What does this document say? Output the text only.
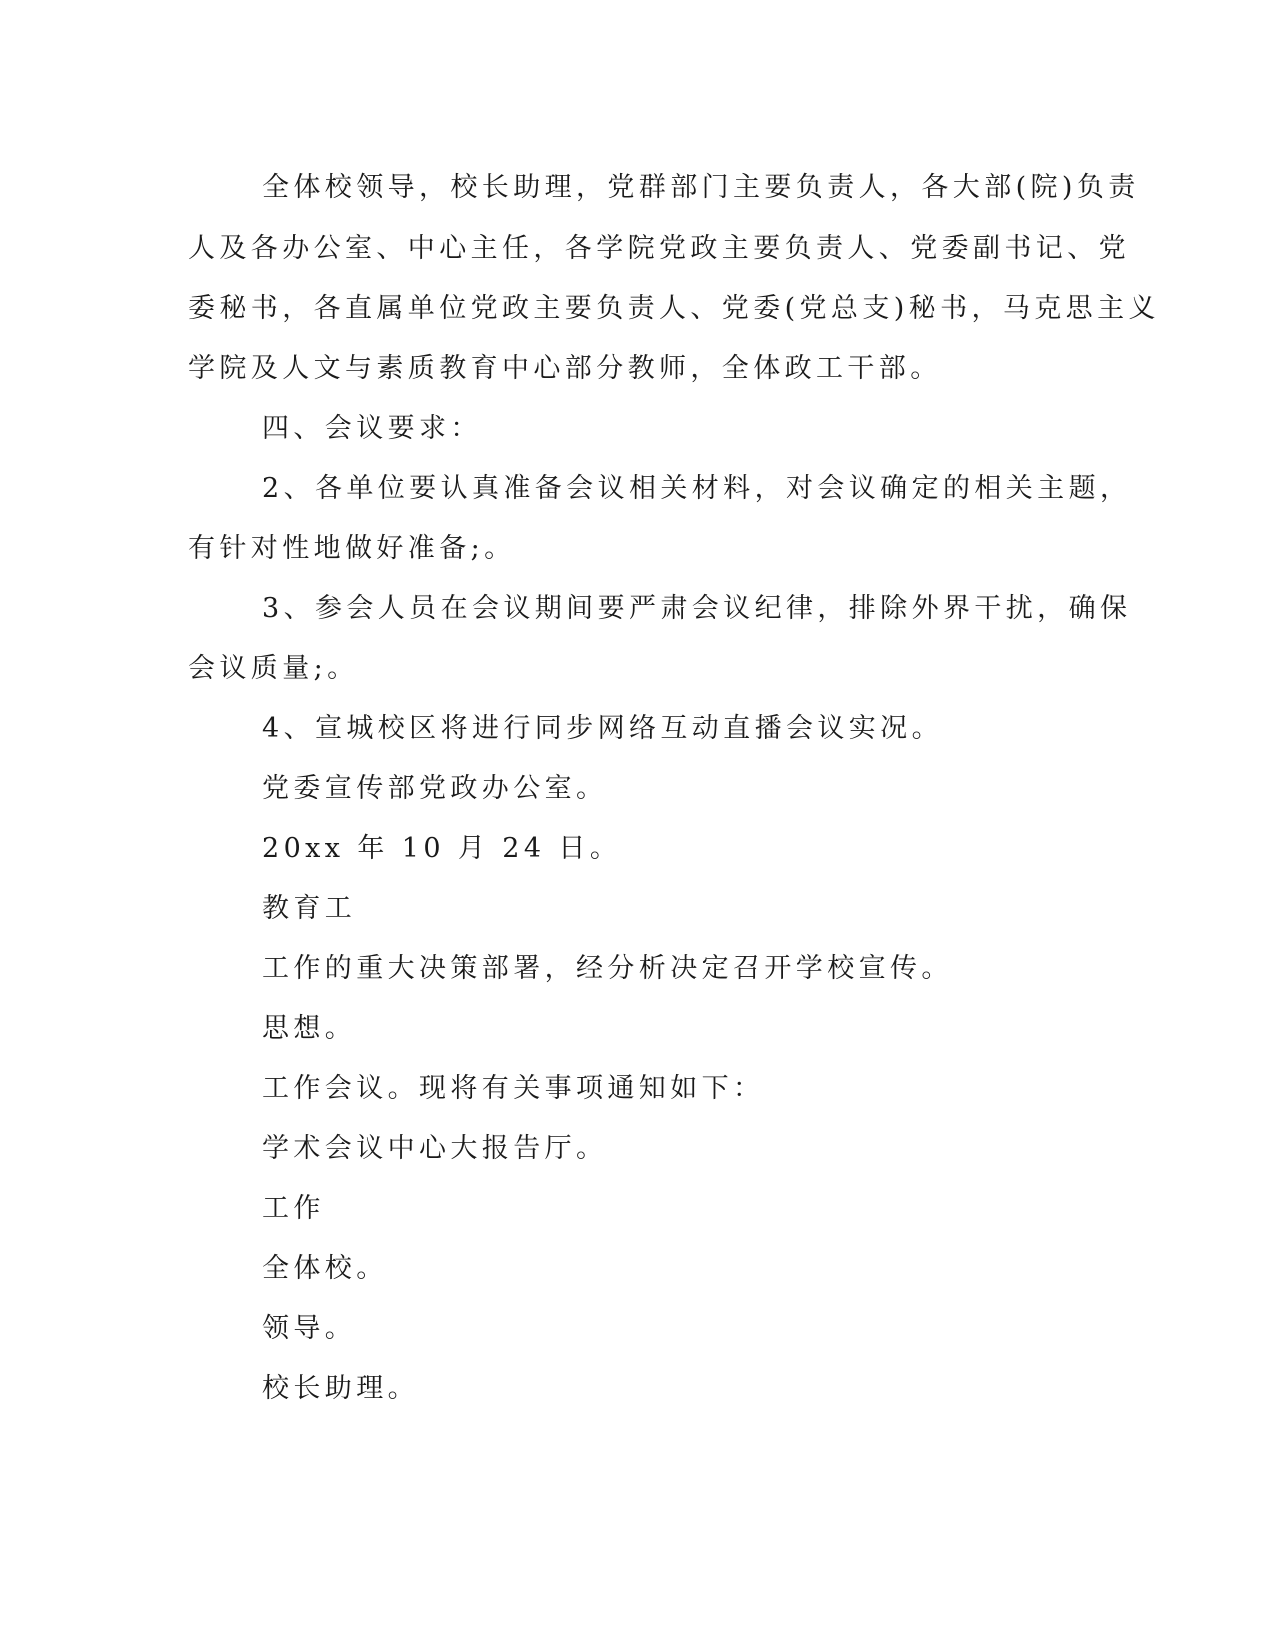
全体校领导，校长助理，党群部门主要负责人，各大部(院)负责
人及各办公室、中心主任，各学院党政主要负责人、党委副书记、党
委秘书，各直属单位党政主要负责人、党委(党总支)秘书，马克思主义
学院及人文与素质教育中心部分教师，全体政工干部。
四、会议要求：
2、各单位要认真准备会议相关材料，对会议确定的相关主题，
有针对性地做好准备;。
3、参会人员在会议期间要严肃会议纪律，排除外界干扰，确保
会议质量;。
4、宣城校区将进行同步网络互动直播会议实况。
党委宣传部党政办公室。
20xx 年 10 月 24 日。
教育工
工作的重大决策部署，经分析决定召开学校宣传。
思想。
工作会议。现将有关事项通知如下：
学术会议中心大报告厅。
工作
全体校。
领导。
校长助理。
